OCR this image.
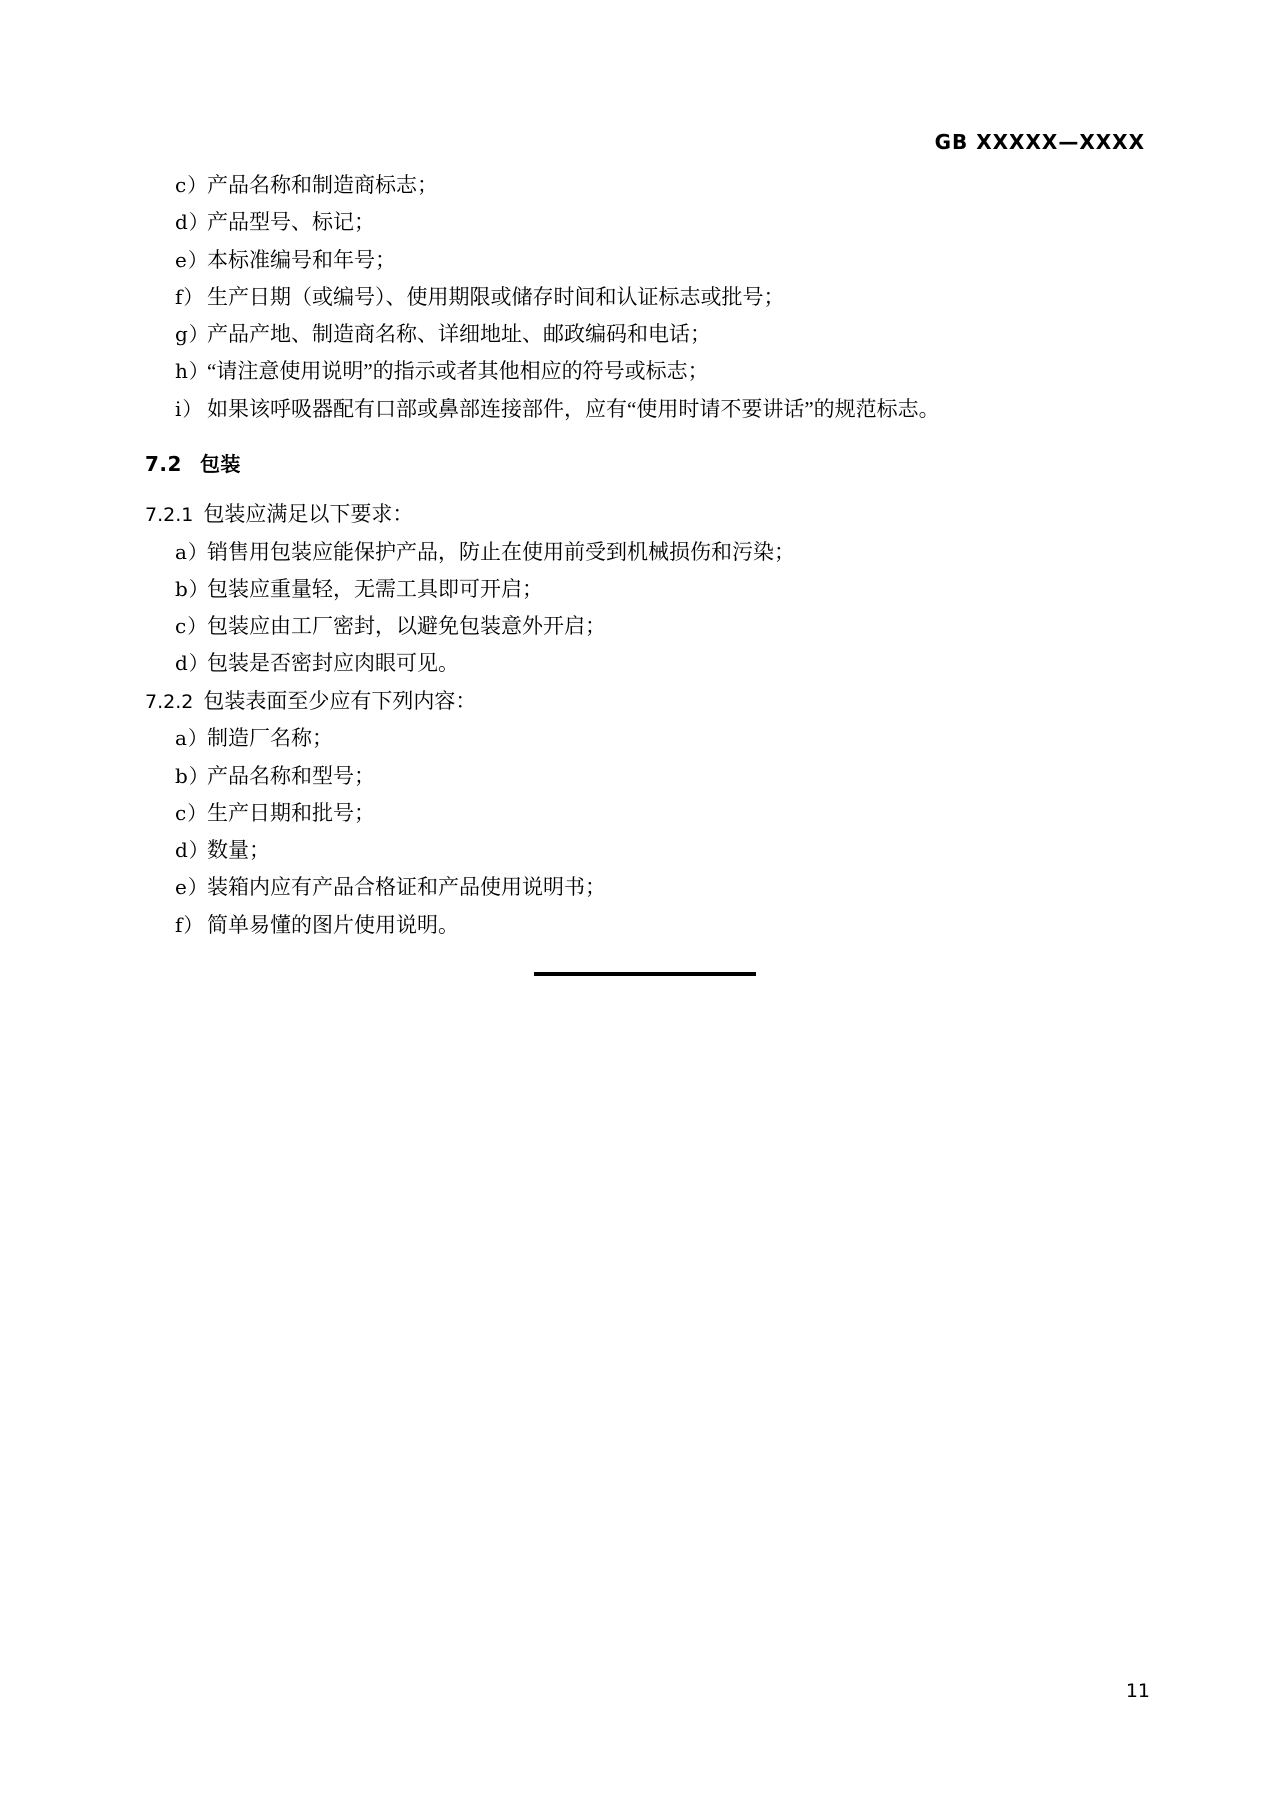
GB XXXXX—XXXX
c）
产品名称和制造商标志；
d）
产品型号、标记；
e）
本标准编号和年号；
f） 生产日期（或编号）、使用期限或储存时间和认证标志或批号；
g）
产品产地、制造商名称、详细地址、邮政编码和电话；
h）
“请注意使用说明”的指示或者其他相应的符号或标志；
i） 如果该呼吸器配有口部或鼻部连接部件，应有“使用时请不要讲话”的规范标志。
7.2 包装
7.2.1 包装应满足以下要求：
a）
销售用包装应能保护产品，防止在使用前受到机械损伤和污染；
b）
包装应重量轻，无需工具即可开启；
c）
包装应由工厂密封，以避免包装意外开启；
d）
包装是否密封应肉眼可见。
7.2.2 包装表面至少应有下列内容：
a）
制造厂名称；
b）
产品名称和型号；
c）
生产日期和批号；
d）
数量；
e）
装箱内应有产品合格证和产品使用说明书；
f） 简单易懂的图片使用说明。
11
